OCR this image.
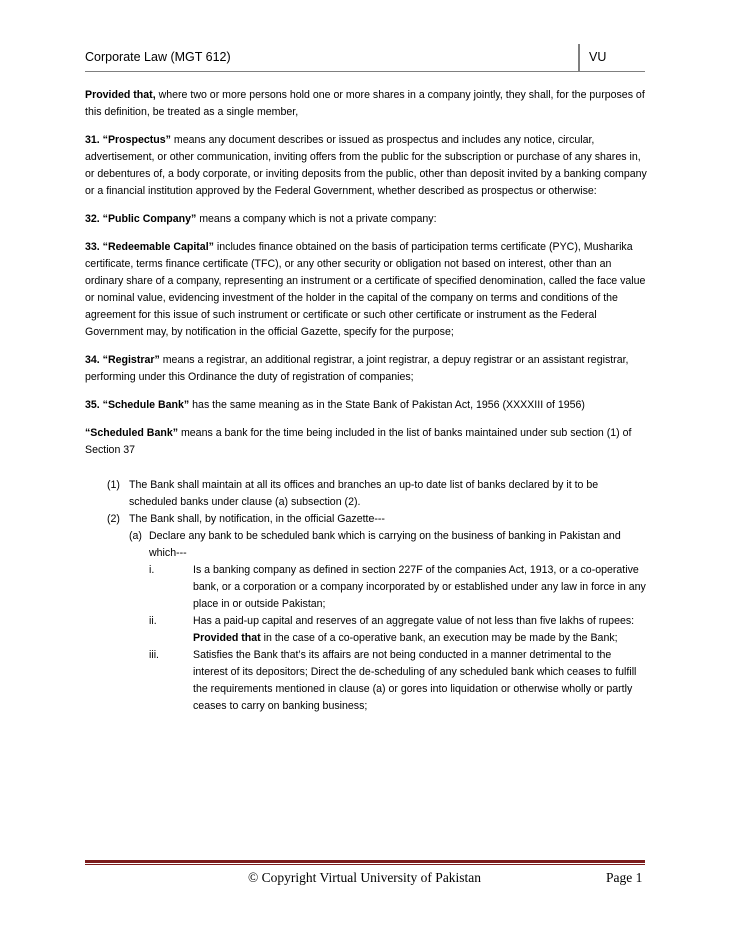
Corporate Law (MGT 612)	VU

Provided that, where two or more persons hold one or more shares in a company jointly, they shall, for the purposes of this definition, be treated as a single member,

31. “Prospectus” means any document describes or issued as prospectus and includes any notice, circular, advertisement, or other communication, inviting offers from the public for the subscription or purchase of any shares in, or debentures of, a body corporate, or inviting deposits from the public, other than deposit invited by a banking company or a financial institution approved by the Federal Government, whether described as prospectus or otherwise:

32. “Public Company” means a company which is not a private company:

33. “Redeemable Capital” includes finance obtained on the basis of participation terms certificate (PYC), Musharika certificate, terms finance certificate (TFC), or any other security or obligation not based on interest, other than an ordinary share of a company, representing an instrument or a certificate of specified denomination, called the face value or nominal value, evidencing investment of the holder in the capital of the company on terms and conditions of the agreement for this issue of such instrument or certificate or such other certificate or instrument as the Federal Government may, by notification in the official Gazette, specify for the purpose;

34. “Registrar” means a registrar, an additional registrar, a joint registrar, a depuy registrar or an assistant registrar, performing under this Ordinance the duty of registration of companies;

35. “Schedule Bank” has the same meaning as in the State Bank of Pakistan Act, 1956 (XXXXIII of 1956)

“Scheduled Bank” means a bank for the time being included in the list of banks maintained under sub section (1) of Section 37

(1) The Bank shall maintain at all its offices and branches an up-to date list of banks declared by it to be scheduled banks under clause (a) subsection (2).
(2) The Bank shall, by notification, in the official Gazette---
(a) Declare any bank to be scheduled bank which is carrying on the business of banking in Pakistan and which---
i.	Is a banking company as defined in section 227F of the companies Act, 1913, or a co-operative bank, or a corporation or a company incorporated by or established under any law in force in any place in or outside Pakistan;
ii.	Has a paid-up capital and reserves of an aggregate value of not less than five lakhs of rupees: Provided that in the case of a co-operative bank, an execution may be made by the Bank;
iii.	Satisfies the Bank that’s its affairs are not being conducted in a manner detrimental to the interest of its depositors; Direct the de-scheduling of any scheduled bank which ceases to fulfill the requirements mentioned in clause (a) or gores into liquidation or otherwise wholly or partly ceases to carry on banking business;
© Copyright Virtual University of Pakistan	Page 1
